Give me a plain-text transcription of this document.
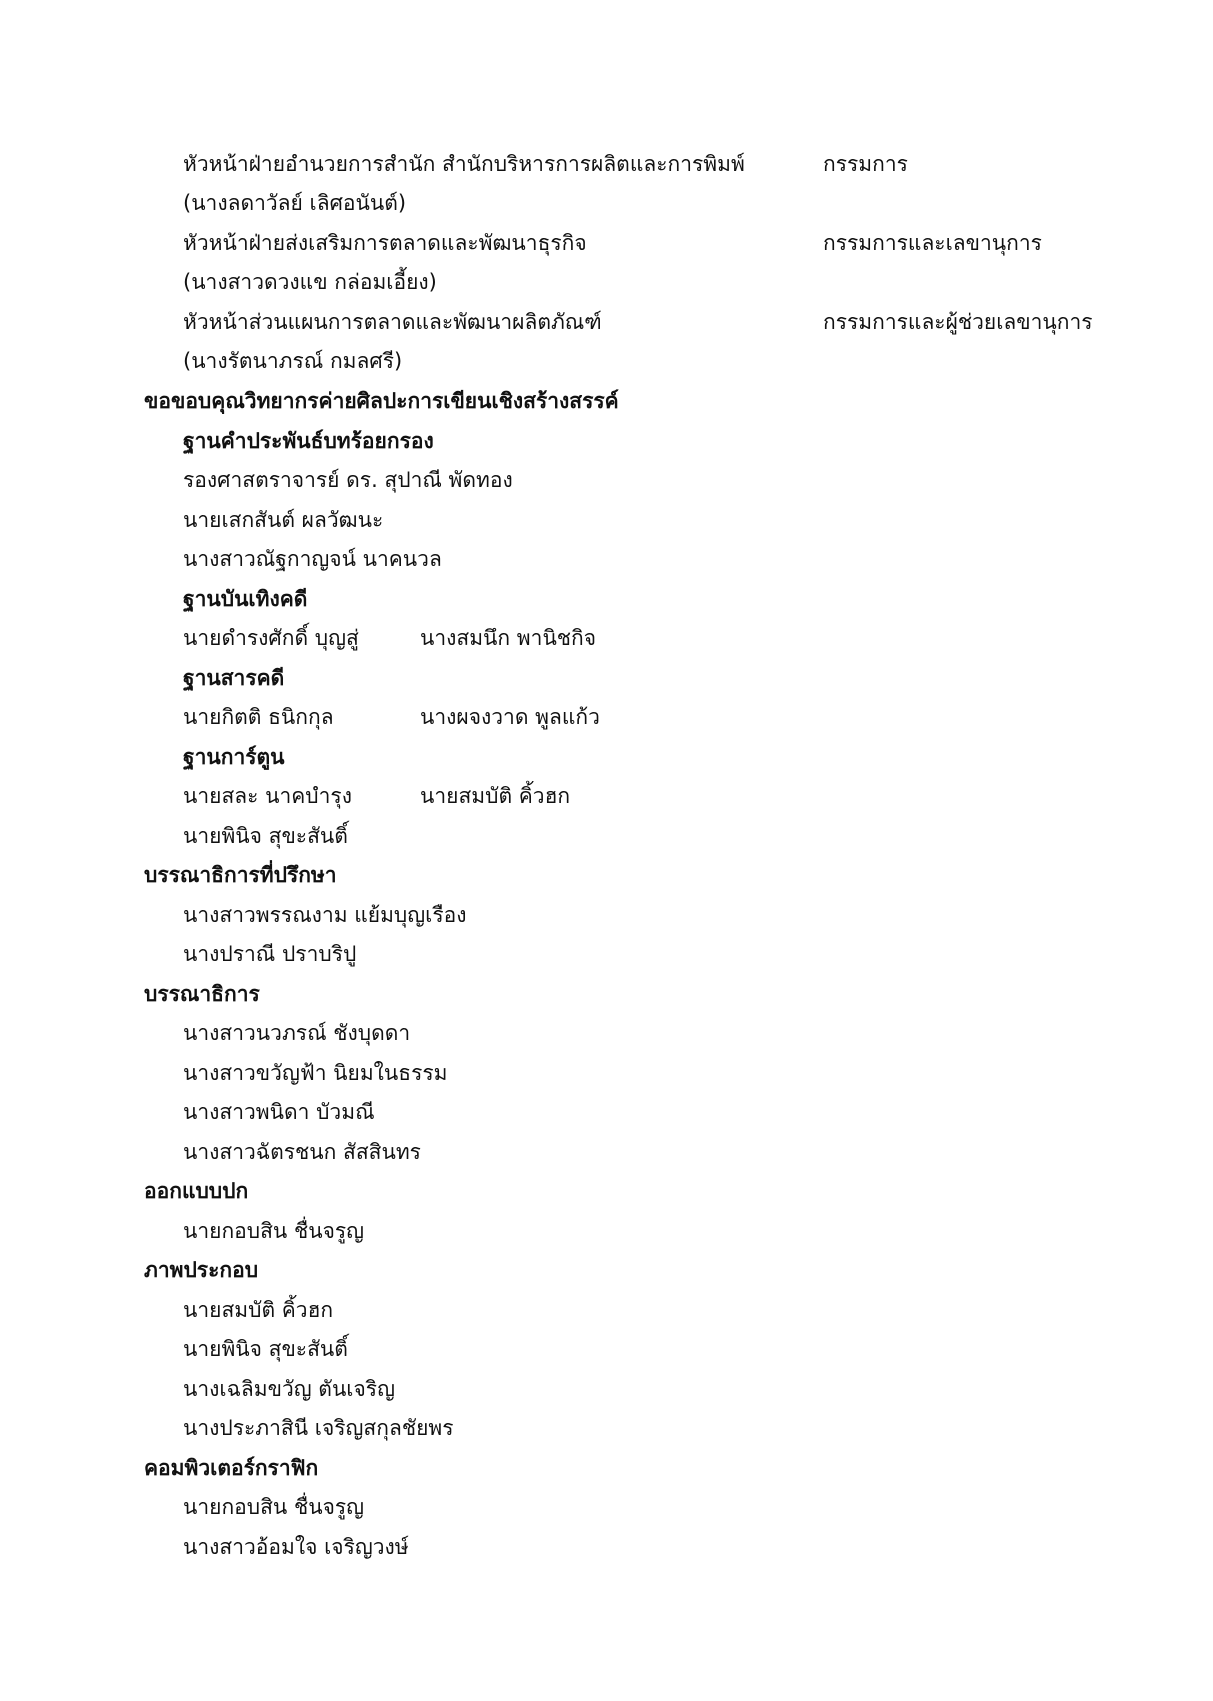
หัวหน้าฝ่ายอำนวยการสำนัก สำนักบริหารการผลิตและการพิมพ์	กรรมการ
(นางลดาวัลย์ เลิศอนันต์)
หัวหน้าฝ่ายส่งเสริมการตลาดและพัฒนาธุรกิจ	กรรมการและเลขานุการ
(นางสาวดวงแข กล่อมเอี้ยง)
หัวหน้าส่วนแผนการตลาดและพัฒนาผลิตภัณฑ์	กรรมการและผู้ช่วยเลขานุการ
(นางรัตนาภรณ์ กมลศรี)
ขอขอบคุณวิทยากรค่ายศิลปะการเขียนเชิงสร้างสรรค์
ฐานคำประพันธ์บทร้อยกรอง
รองศาสตราจารย์ ดร. สุปาณี พัดทอง
นายเสกสันต์ ผลวัฒนะ
นางสาวณัฐกาญจน์ นาคนวล
ฐานบันเทิงคดี
นายดำรงศักดิ์ บุญสู่	นางสมนึก พานิชกิจ
ฐานสารคดี
นายกิตติ ธนิกกุล	นางผจงวาด พูลแก้ว
ฐานการ์ตูน
นายสละ นาคบำรุง	นายสมบัติ คิ้วฮก
นายพินิจ สุขะสันติ์
บรรณาธิการที่ปรึกษา
นางสาวพรรณงาม แย้มบุญเรือง
นางปราณี ปราบริปู
บรรณาธิการ
นางสาวนวภรณ์ ชังบุดดา
นางสาวขวัญฟ้า นิยมในธรรม
นางสาวพนิดา บัวมณี
นางสาวฉัตรชนก สัสสินทร
ออกแบบปก
นายกอบสิน ชื่นจรูญ
ภาพประกอบ
นายสมบัติ คิ้วฮก
นายพินิจ สุขะสันติ์
นางเฉลิมขวัญ ตันเจริญ
นางประภาสินี เจริญสกุลชัยพร
คอมพิวเตอร์กราฟิก
นายกอบสิน ชื่นจรูญ
นางสาวอ้อมใจ เจริญวงษ์
